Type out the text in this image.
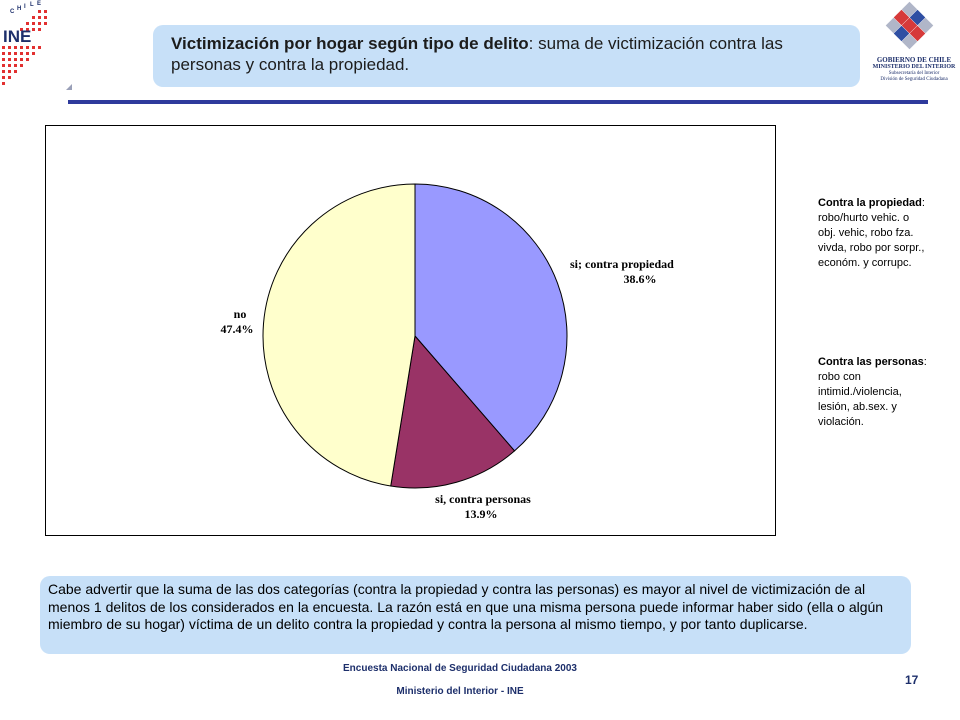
C H I L E
INE	Victimización por hogar según tipo de delito: suma de victimización contra las personas y contra la propiedad.	GOBIERNO DE CHILE
MINISTERIO DEL INTERIOR
Subsecretaría del Interior
División de Seguridad Ciudadana
si; contra propiedad
38.6%
si, contra personas
13.9%
no
47.4%
Contra la propiedad: robo/hurto vehic. o obj. vehic, robo fza. vivda, robo por sorpr., económ. y corrupc.
Contra las personas: robo con intimid./violencia, lesión, ab.sex. y violación.
Cabe advertir que la suma de las dos categorías (contra la propiedad y contra las personas) es mayor al nivel de victimización de al menos 1 delitos de los considerados en la encuesta. La razón está en que una misma persona puede informar haber sido (ella o algún miembro de su hogar) víctima de un delito contra la propiedad y contra la persona al mismo tiempo, y por tanto duplicarse.
Encuesta Nacional de Seguridad Ciudadana 2003
Ministerio del Interior - INE
17
